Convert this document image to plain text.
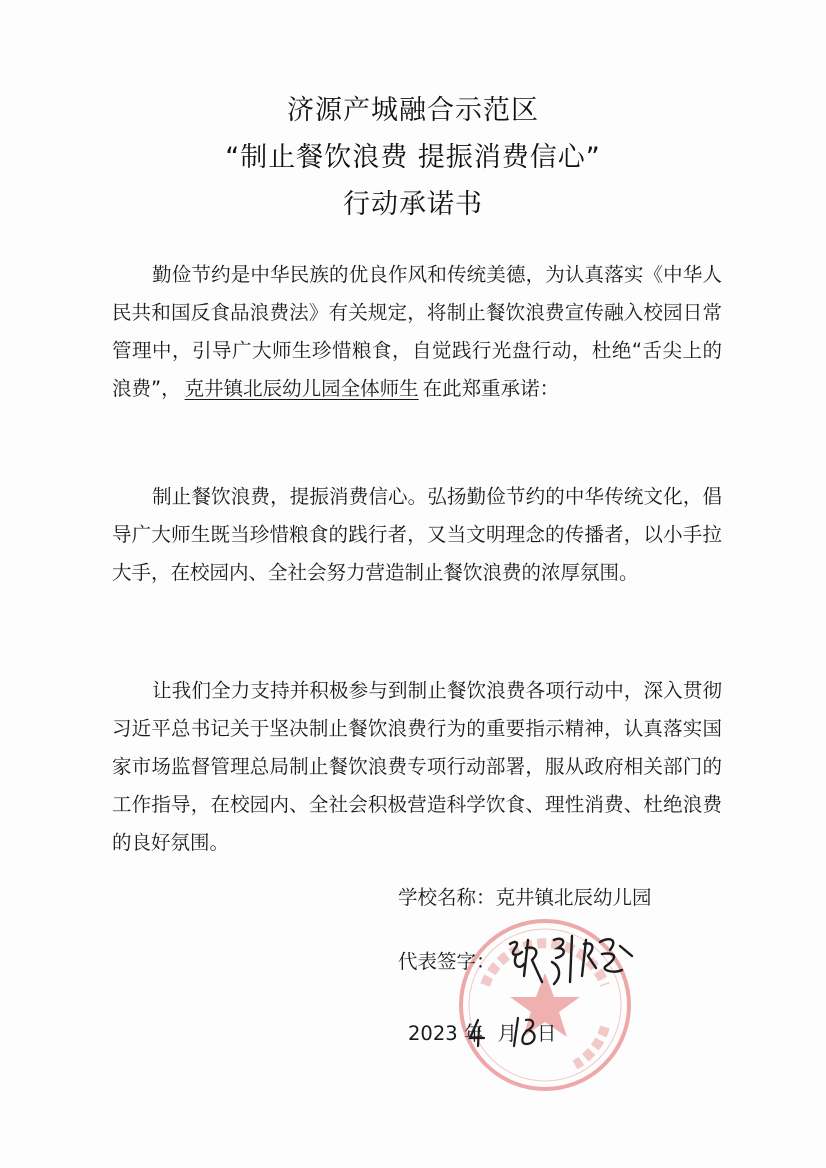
济源产城融合示范区
“制止餐饮浪费 提振消费信心”
行动承诺书
勤俭节约是中华民族的优良作风和传统美德，为认真落实《中华人民共和国反食品浪费法》有关规定，将制止餐饮浪费宣传融入校园日常管理中，引导广大师生珍惜粮食，自觉践行光盘行动，杜绝“舌尖上的浪费”， 克井镇北辰幼儿园全体师生 在此郑重承诺：
制止餐饮浪费，提振消费信心。弘扬勤俭节约的中华传统文化，倡导广大师生既当珍惜粮食的践行者，又当文明理念的传播者，以小手拉大手，在校园内、全社会努力营造制止餐饮浪费的浓厚氛围。
让我们全力支持并积极参与到制止餐饮浪费各项行动中，深入贯彻习近平总书记关于坚决制止餐饮浪费行为的重要指示精神，认真落实国家市场监督管理总局制止餐饮浪费专项行动部署，服从政府相关部门的工作指导，在校园内、全社会积极营造科学饮食、理性消费、杜绝浪费的良好氛围。
学校名称：克井镇北辰幼儿园
代表签字：
2023 年 月 日
